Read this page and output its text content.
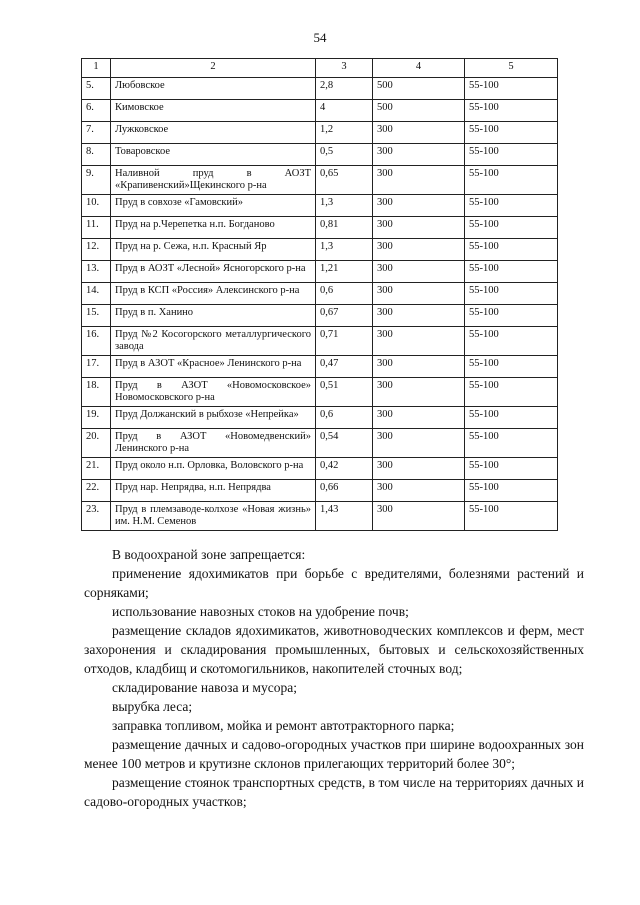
54
1	2	3	4	5
5.	Любовское	2,8	500	55-100
6.	Кимовское	4	500	55-100
7.	Лужковское	1,2	300	55-100
8.	Товаровское	0,5	300	55-100
9.	Наливной пруд в АОЗТ «Крапивенский»Щекинского р-на	0,65	300	55-100
10.	Пруд в совхозе «Гамовский»	1,3	300	55-100
11.	Пруд на р.Черепетка н.п. Богданово	0,81	300	55-100
12.	Пруд на р. Сежа, н.п. Красный Яр	1,3	300	55-100
13.	Пруд в АОЗТ «Лесной» Ясногорского р-на	1,21	300	55-100
14.	Пруд в КСП «Россия» Алексинского р-на	0,6	300	55-100
15.	Пруд в п. Ханино	0,67	300	55-100
16.	Пруд №2 Косогорского металлургического завода	0,71	300	55-100
17.	Пруд в АЗОТ «Красное» Ленинского р-на	0,47	300	55-100
18.	Пруд в АЗОТ «Новомосковское» Новомосковского р-на	0,51	300	55-100
19.	Пруд Должанский в рыбхозе «Непрейка»	0,6	300	55-100
20.	Пруд в АЗОТ «Новомедвенский» Ленинского р-на	0,54	300	55-100
21.	Пруд около н.п. Орловка, Воловского р-на	0,42	300	55-100
22.	Пруд нар. Непрядва, н.п. Непрядва	0,66	300	55-100
23.	Пруд в племзаводе-колхозе «Новая жизнь» им. Н.М. Семенов	1,43	300	55-100

В водоохраной зоне запрещается:

применение ядохимикатов при борьбе с вредителями, болезнями растений и сорняками;

использование навозных стоков на удобрение почв;

размещение складов ядохимикатов, животноводческих комплексов и ферм, мест захоронения и складирования промышленных, бытовых и сельскохозяйственных отходов, кладбищ и скотомогильников, накопителей сточных вод;

складирование навоза и мусора;

вырубка леса;

заправка топливом, мойка и ремонт автотракторного парка;

размещение дачных и садово-огородных участков при ширине водоохранных зон менее 100 метров и крутизне склонов прилегающих территорий более 30°;

размещение стоянок транспортных средств, в том числе на территориях дачных и садово-огородных участков;
